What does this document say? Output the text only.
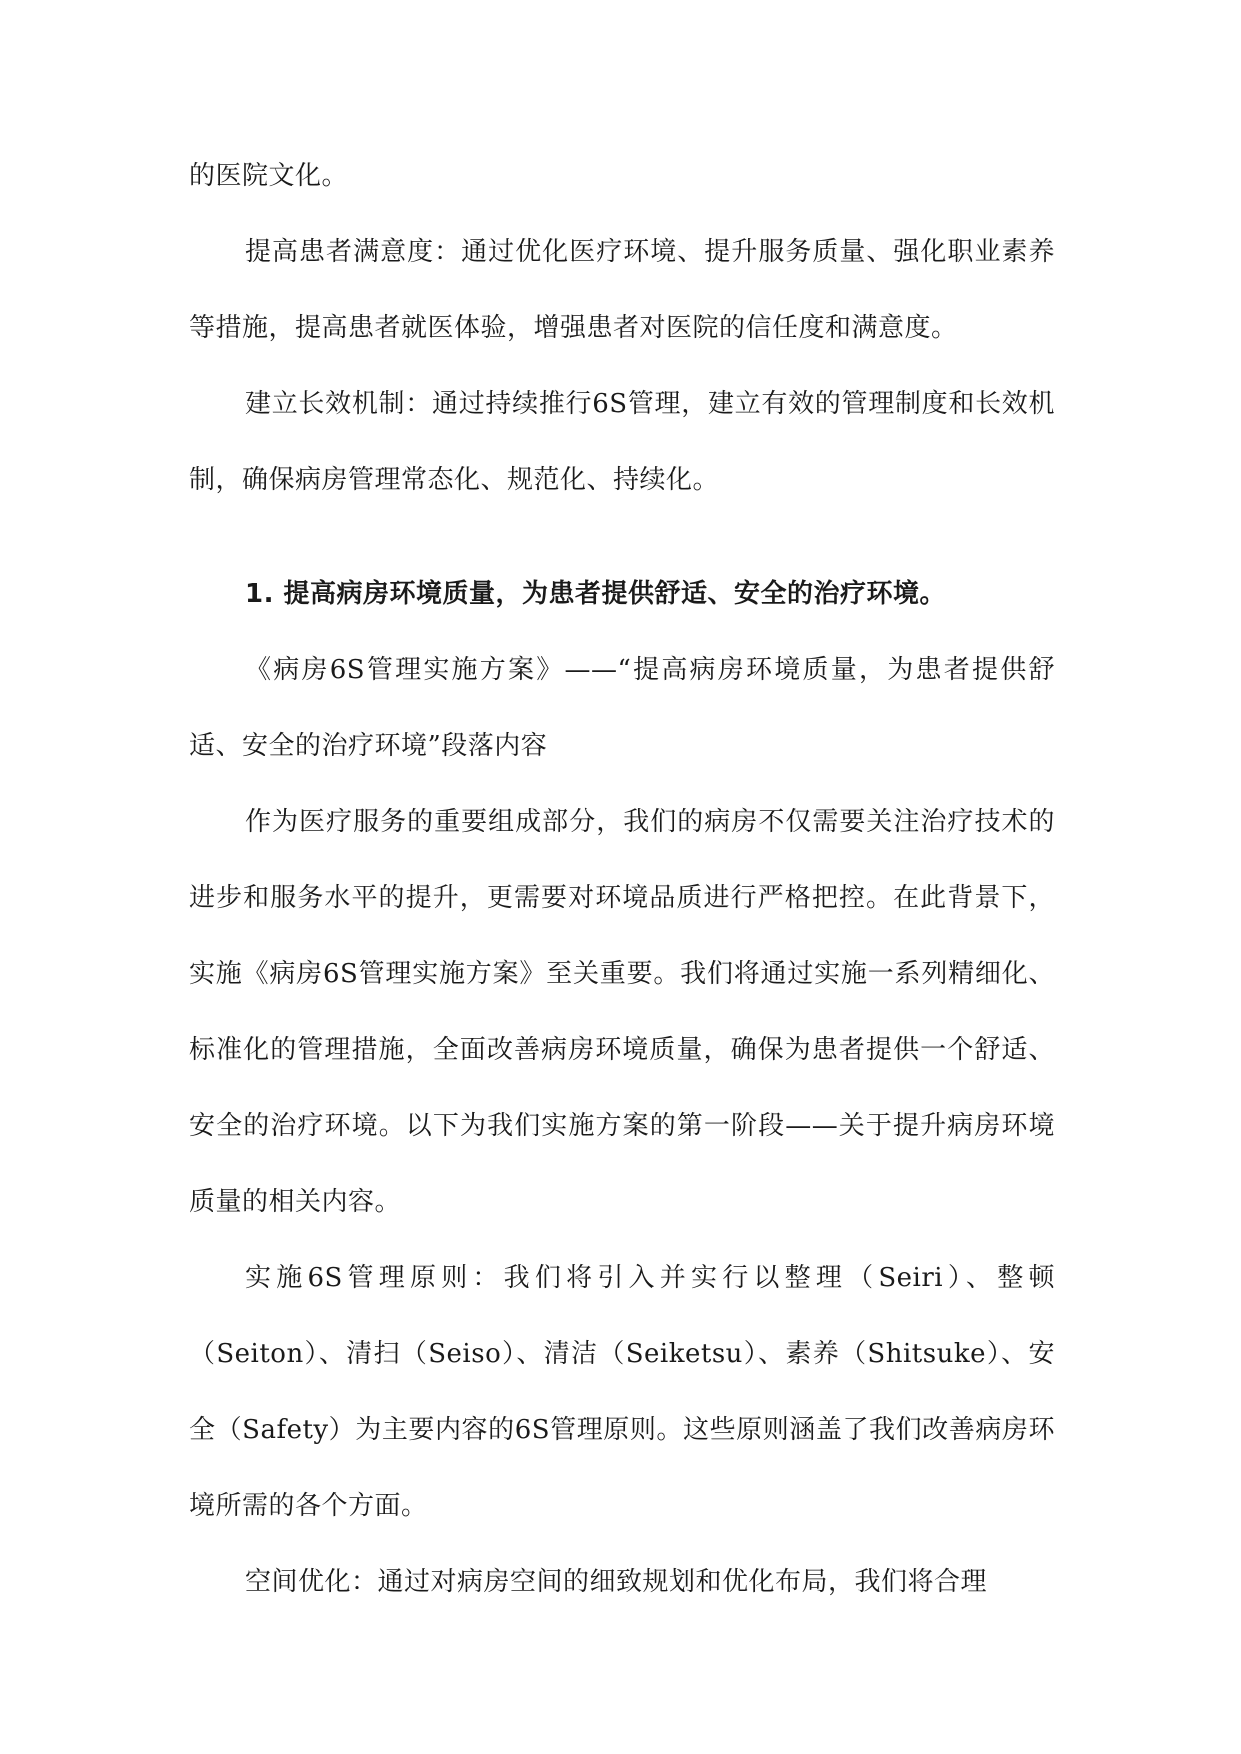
的医院文化。

提高患者满意度：通过优化医疗环境、提升服务质量、强化职业素养等措施，提高患者就医体验，增强患者对医院的信任度和满意度。

建立长效机制：通过持续推行6S管理，建立有效的管理制度和长效机制，确保病房管理常态化、规范化、持续化。

1. 提高病房环境质量，为患者提供舒适、安全的治疗环境。

《病房6S管理实施方案》——“提高病房环境质量，为患者提供舒适、安全的治疗环境”段落内容

作为医疗服务的重要组成部分，我们的病房不仅需要关注治疗技术的进步和服务水平的提升，更需要对环境品质进行严格把控。在此背景下，实施《病房6S管理实施方案》至关重要。我们将通过实施一系列精细化、标准化的管理措施，全面改善病房环境质量，确保为患者提供一个舒适、安全的治疗环境。以下为我们实施方案的第一阶段——关于提升病房环境质量的相关内容。

实施6S管理原则：我们将引入并实行以整理（Seiri）、整顿（Seiton）、清扫（Seiso）、清洁（Seiketsu）、素养（Shitsuke）、安全（Safety）为主要内容的6S管理原则。这些原则涵盖了我们改善病房环境所需的各个方面。

空间优化：通过对病房空间的细致规划和优化布局，我们将合理
